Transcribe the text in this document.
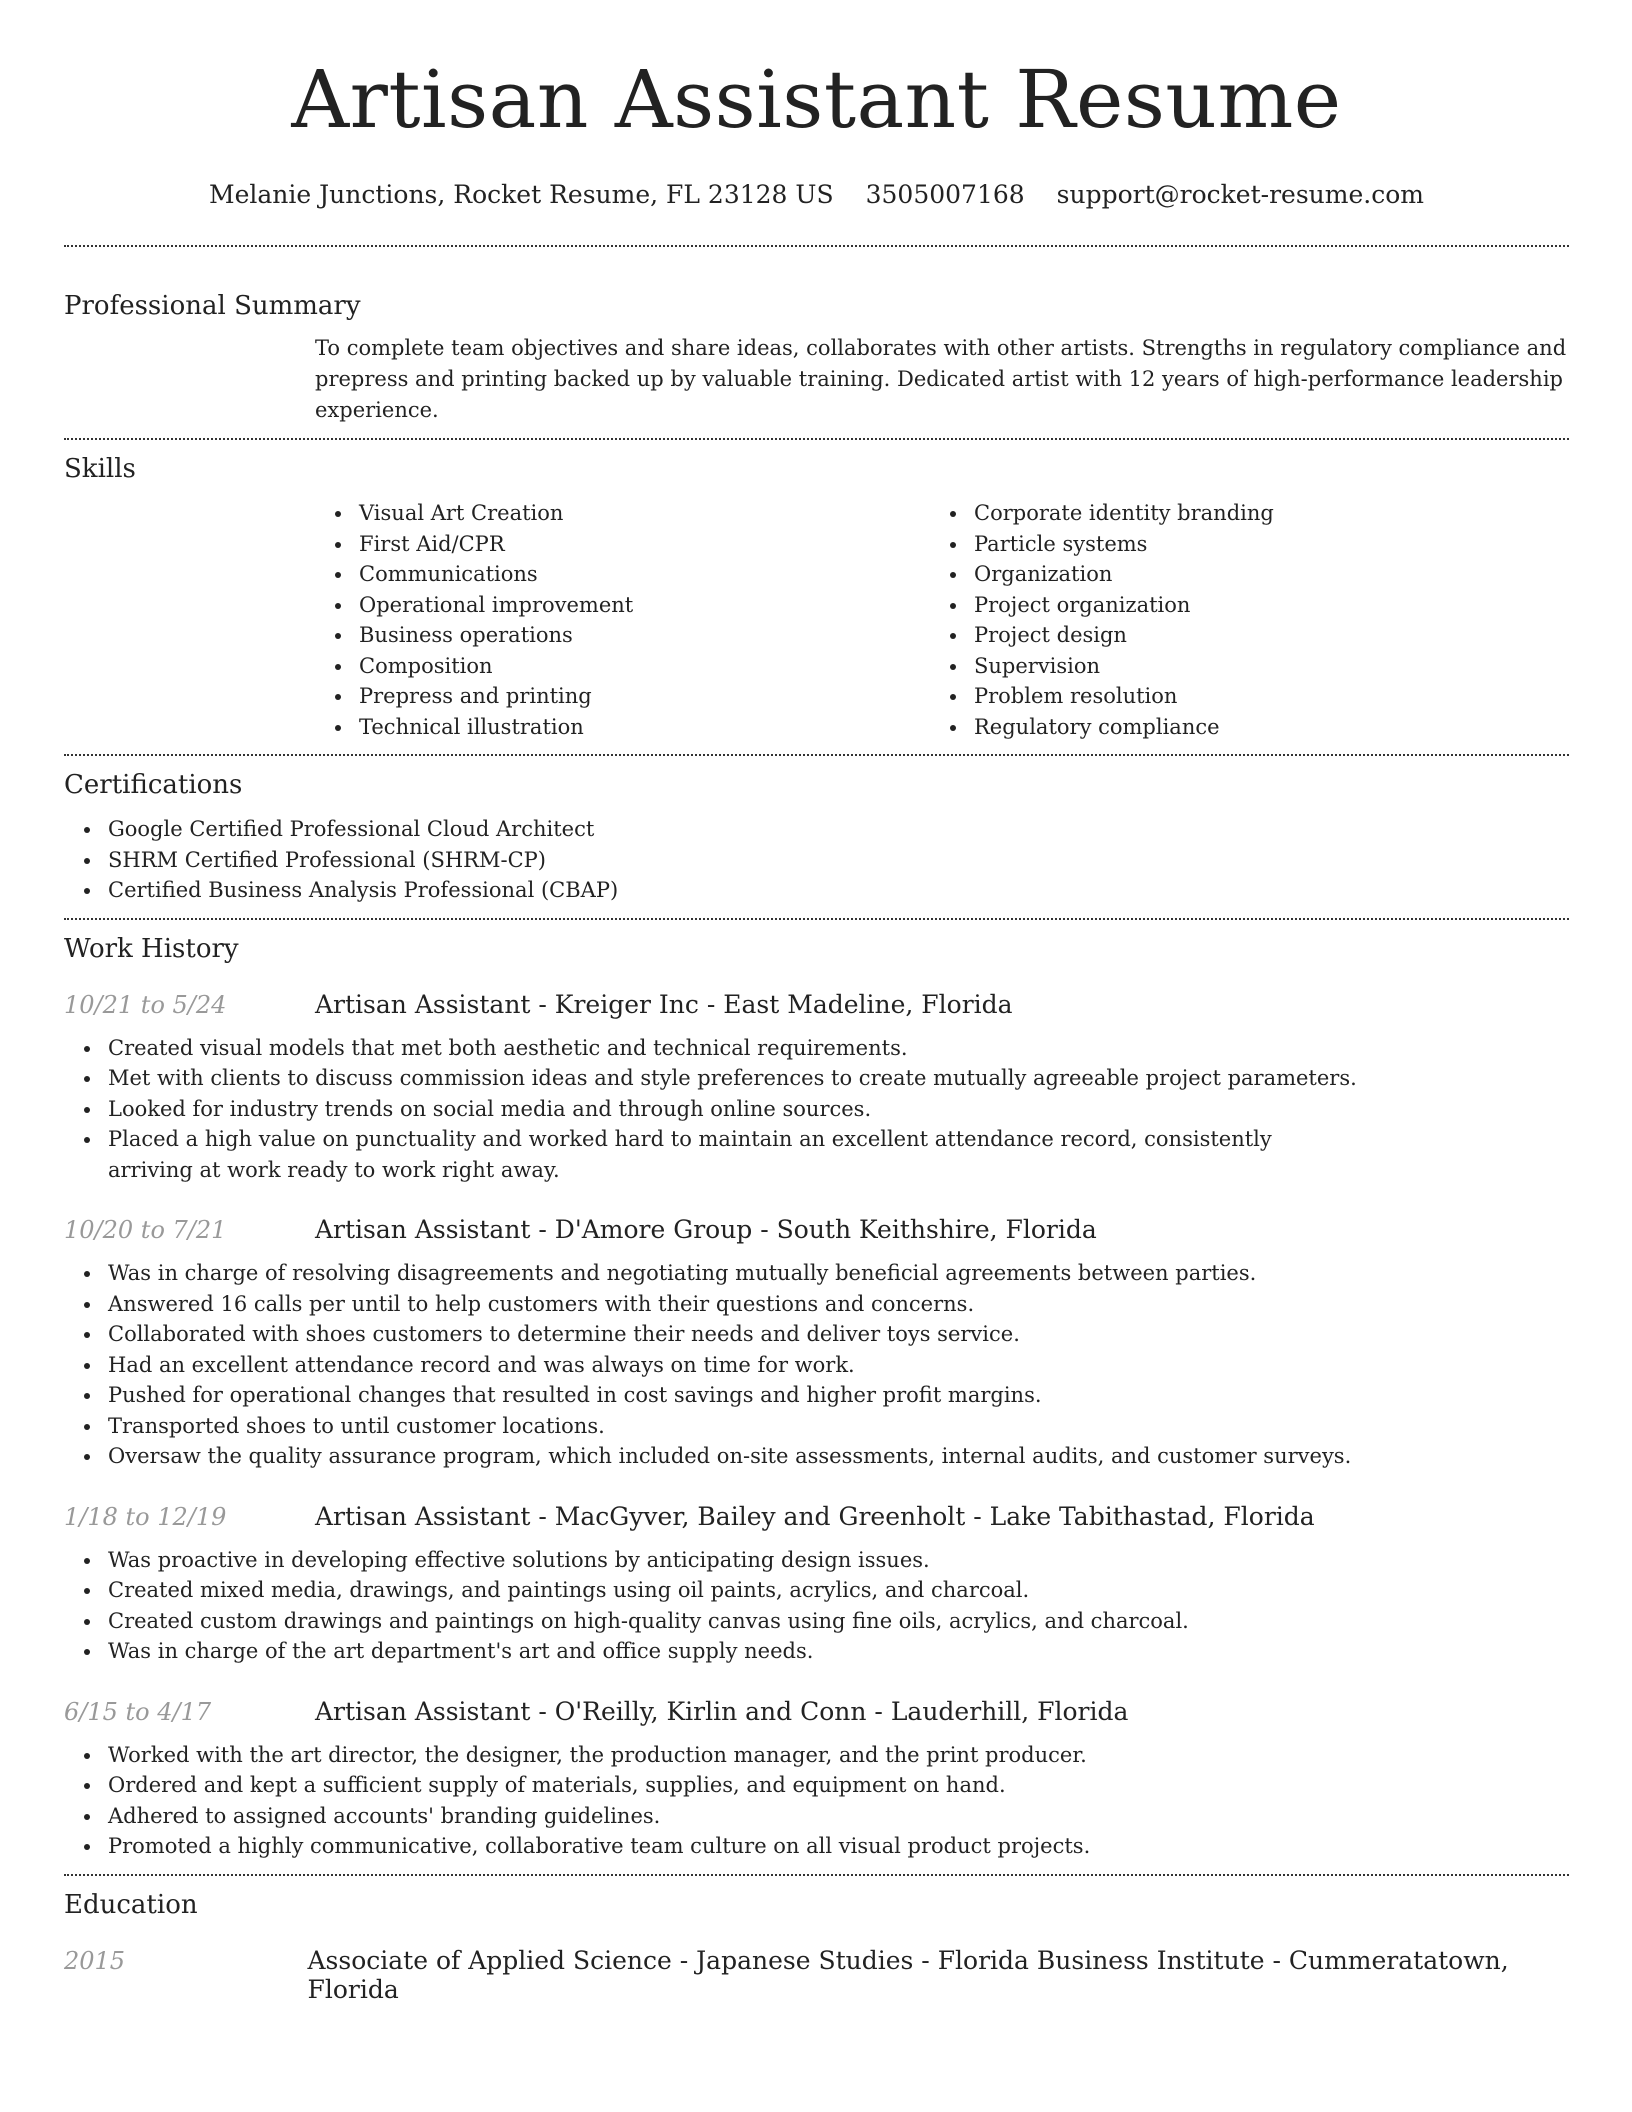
Artisan Assistant Resume
Melanie Junctions, Rocket Resume, FL 23128 US 3505007168 support@rocket-resume.com
Professional Summary
To complete team objectives and share ideas, collaborates with other artists. Strengths in regulatory compliance and prepress and printing backed up by valuable training. Dedicated artist with 12 years of high-performance leadership experience.
Skills
Visual Art Creation
First Aid/CPR
Communications
Operational improvement
Business operations
Composition
Prepress and printing
Technical illustration
Corporate identity branding
Particle systems
Organization
Project organization
Project design
Supervision
Problem resolution
Regulatory compliance
Certifications
Google Certified Professional Cloud Architect
SHRM Certified Professional (SHRM-CP)
Certified Business Analysis Professional (CBAP)
Work History
10/21 to 5/24	Artisan Assistant - Kreiger Inc - East Madeline, Florida
Created visual models that met both aesthetic and technical requirements.
Met with clients to discuss commission ideas and style preferences to create mutually agreeable project parameters.
Looked for industry trends on social media and through online sources.
Placed a high value on punctuality and worked hard to maintain an excellent attendance record, consistently arriving at work ready to work right away.
10/20 to 7/21	Artisan Assistant - D'Amore Group - South Keithshire, Florida
Was in charge of resolving disagreements and negotiating mutually beneficial agreements between parties.
Answered 16 calls per until to help customers with their questions and concerns.
Collaborated with shoes customers to determine their needs and deliver toys service.
Had an excellent attendance record and was always on time for work.
Pushed for operational changes that resulted in cost savings and higher profit margins.
Transported shoes to until customer locations.
Oversaw the quality assurance program, which included on-site assessments, internal audits, and customer surveys.
1/18 to 12/19	Artisan Assistant - MacGyver, Bailey and Greenholt - Lake Tabithastad, Florida
Was proactive in developing effective solutions by anticipating design issues.
Created mixed media, drawings, and paintings using oil paints, acrylics, and charcoal.
Created custom drawings and paintings on high-quality canvas using fine oils, acrylics, and charcoal.
Was in charge of the art department's art and office supply needs.
6/15 to 4/17	Artisan Assistant - O'Reilly, Kirlin and Conn - Lauderhill, Florida
Worked with the art director, the designer, the production manager, and the print producer.
Ordered and kept a sufficient supply of materials, supplies, and equipment on hand.
Adhered to assigned accounts' branding guidelines.
Promoted a highly communicative, collaborative team culture on all visual product projects.
Education
2015	Associate of Applied Science - Japanese Studies - Florida Business Institute - Cummeratatown, Florida
